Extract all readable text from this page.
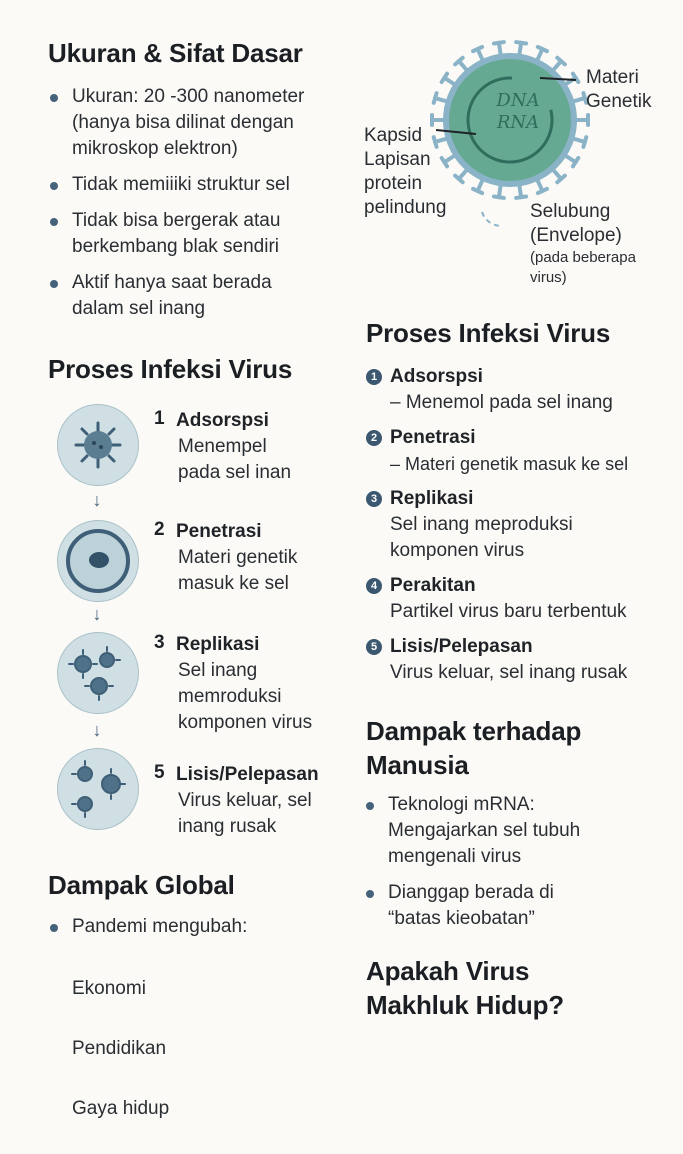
Ukuran & Sifat Dasar
Ukuran: 20 -300 nanometer
(hanya bisa dilinat dengan
mikroskop elektron)
Tidak memiiiki struktur sel
Tidak bisa bergerak atau
berkembang blak sendiri
Aktif hanya saat berada
dalam sel inang
Proses Infeksi Virus
↓
1 Adsorspsi
Menempel
pada sel inan
↓
2 Penetrasi
Materi genetik
masuk ke sel
↓
3 Replikasi
Sel inang
memroduksi
komponen virus
5 Lisis/Pelepasan
Virus keluar, sel
inang rusak
Dampak Global
Pandemi mengubah:

Ekonomi

Pendidikan

Gaya hidup

DNA
RNA
Materi
Genetik
Kapsid
Lapisan
protein
pelindung	Selubung
(Envelope)
(pada beberapa
virus)
Proses Infeksi Virus
1 Adsorspsi
– Menemol pada sel inang
2 Penetrasi
– Materi genetik masuk ke sel
3 Replikasi
Sel inang meproduksi
komponen virus
4 Perakitan
Partikel virus baru terbentuk
5 Lisis/Pelepasan
Virus keluar, sel inang rusak
Dampak terhadap
Manusia
Teknologi mRNA:
Mengajarkan sel tubuh
mengenali virus
Dianggap berada di
“batas kieobatan”
Apakah Virus
Makhluk Hidup?
